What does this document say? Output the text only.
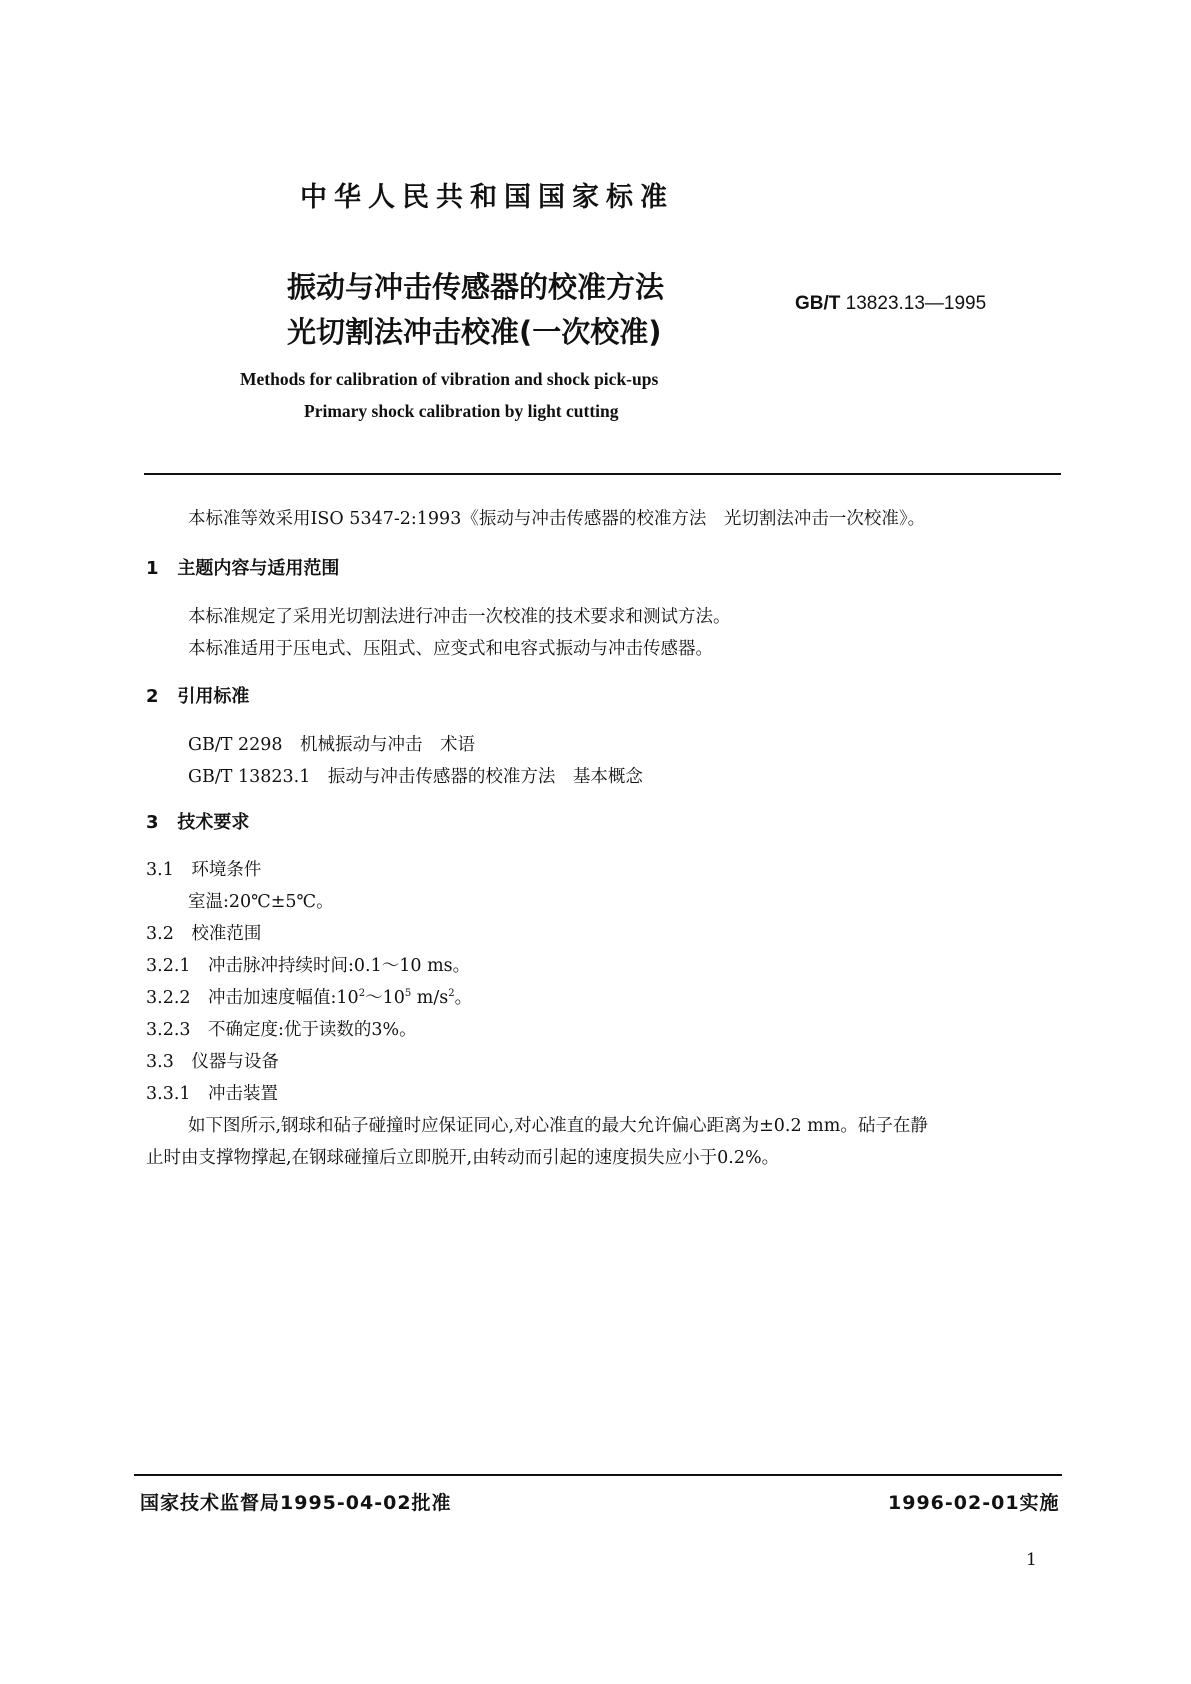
中华人民共和国国家标准
振动与冲击传感器的校准方法
光切割法冲击校准(一次校准)
GB/T 13823.13—1995
Methods for calibration of vibration and shock pick-ups
Primary shock calibration by light cutting
本标准等效采用ISO 5347-2:1993《振动与冲击传感器的校准方法　光切割法冲击一次校准》。
1 主题内容与适用范围
本标准规定了采用光切割法进行冲击一次校准的技术要求和测试方法。
本标准适用于压电式、压阻式、应变式和电容式振动与冲击传感器。
2 引用标准
GB/T 2298　机械振动与冲击　术语
GB/T 13823.1　振动与冲击传感器的校准方法　基本概念
3 技术要求
3.1　环境条件
室温:20℃±5℃。
3.2　校准范围
3.2.1　冲击脉冲持续时间:0.1～10 ms。
3.2.2　冲击加速度幅值$:10^2\sim 10^5$ $m/s^2$。
3.2.3　不确定度:优于读数的3%。
3.3　仪器与设备
3.3.1　冲击装置
如下图所示,钢球和砧子碰撞时应保证同心,对心准直的最大允许偏心距离为±0.2 mm。砧子在静
止时由支撑物撑起,在钢球碰撞后立即脱开,由转动而引起的速度损失应小于0.2%。
国家技术监督局1995-04-02批准	1996-02-01实施
1
